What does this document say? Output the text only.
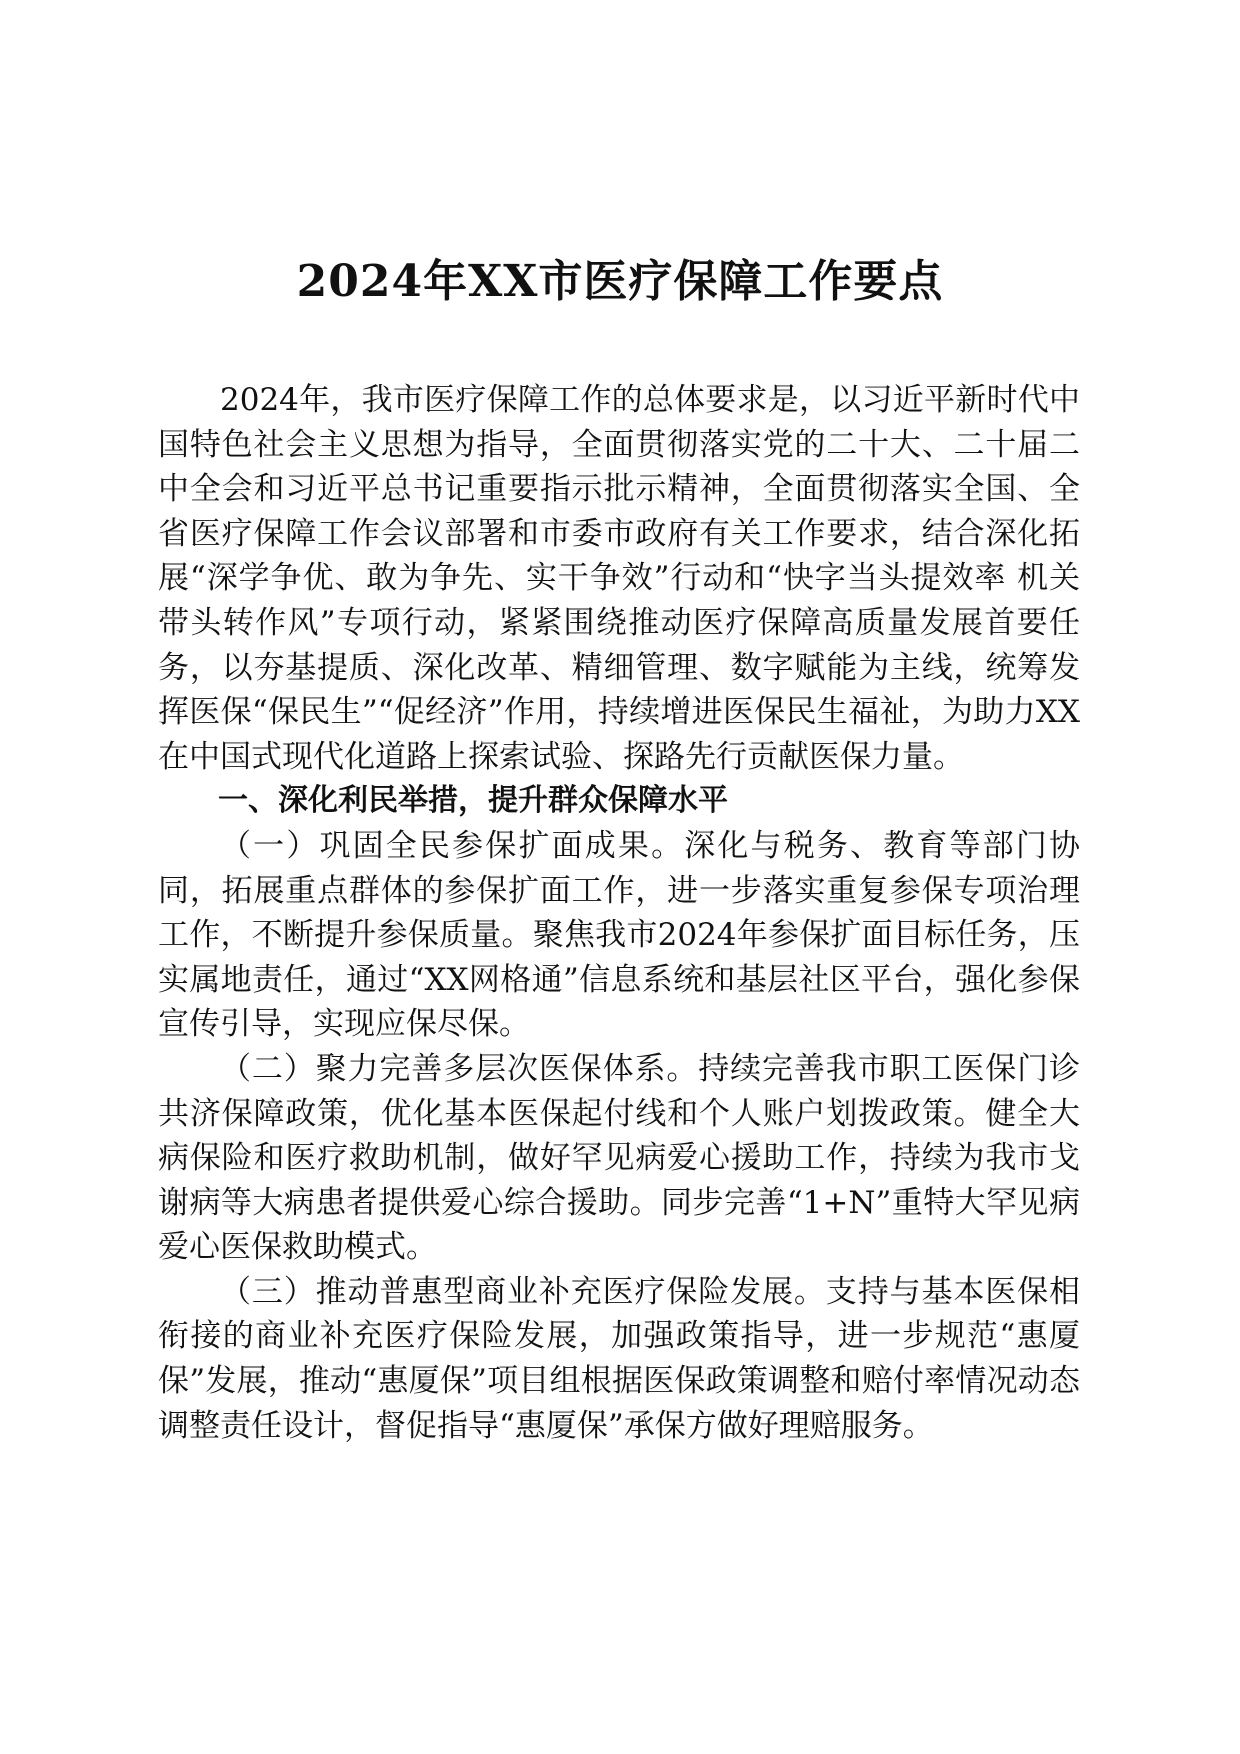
2024年XX市医疗保障工作要点

2024年，我市医疗保障工作的总体要求是，以习近平新时代中国特色社会主义思想为指导，全面贯彻落实党的二十大、二十届二中全会和习近平总书记重要指示批示精神，全面贯彻落实全国、全省医疗保障工作会议部署和市委市政府有关工作要求，结合深化拓展“深学争优、敢为争先、实干争效”行动和“快字当头提效率 机关带头转作风”专项行动，紧紧围绕推动医疗保障高质量发展首要任务，以夯基提质、深化改革、精细管理、数字赋能为主线，统筹发挥医保“保民生”“促经济”作用，持续增进医保民生福祉，为助力XX在中国式现代化道路上探索试验、探路先行贡献医保力量。

一、深化利民举措，提升群众保障水平

（一）巩固全民参保扩面成果。深化与税务、教育等部门协同，拓展重点群体的参保扩面工作，进一步落实重复参保专项治理工作，不断提升参保质量。聚焦我市2024年参保扩面目标任务，压实属地责任，通过“XX网格通”信息系统和基层社区平台，强化参保宣传引导，实现应保尽保。

（二）聚力完善多层次医保体系。持续完善我市职工医保门诊共济保障政策，优化基本医保起付线和个人账户划拨政策。健全大病保险和医疗救助机制，做好罕见病爱心援助工作，持续为我市戈谢病等大病患者提供爱心综合援助。同步完善“1+N”重特大罕见病爱心医保救助模式。

（三）推动普惠型商业补充医疗保险发展。支持与基本医保相衔接的商业补充医疗保险发展，加强政策指导，进一步规范“惠厦保”发展，推动“惠厦保”项目组根据医保政策调整和赔付率情况动态调整责任设计，督促指导“惠厦保”承保方做好理赔服务。
